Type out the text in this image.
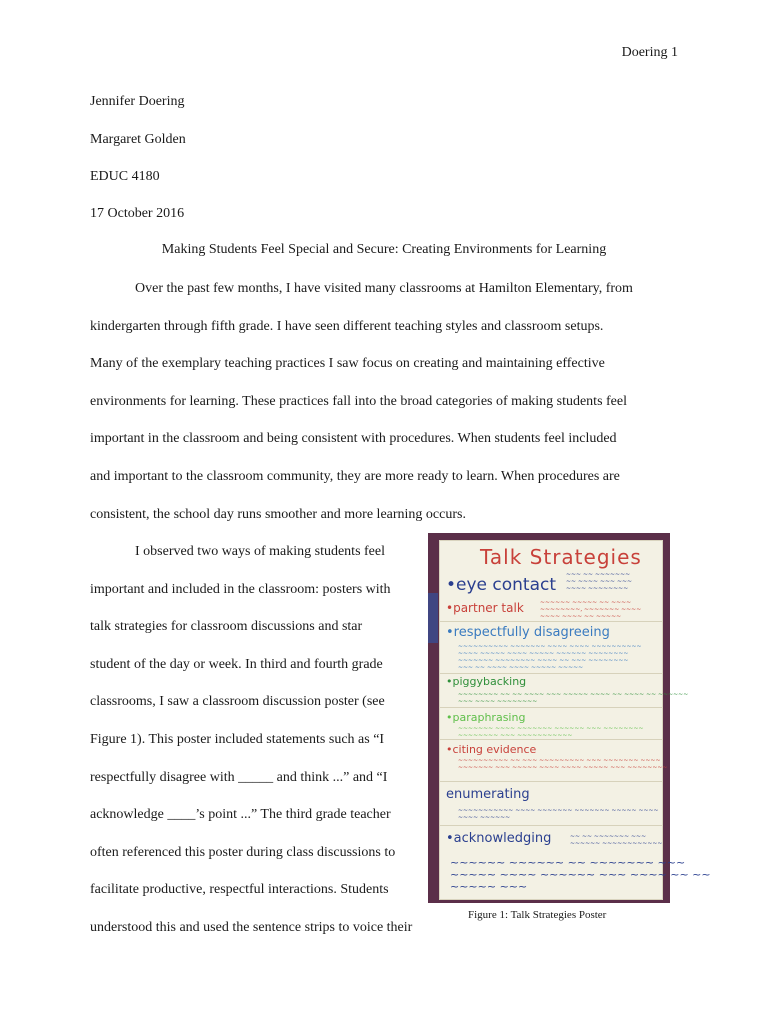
Doering 1
Jennifer Doering
Margaret Golden
EDUC 4180
17 October 2016
Making Students Feel Special and Secure: Creating Environments for Learning
Over the past few months, I have visited many classrooms at Hamilton Elementary, from
kindergarten through fifth grade. I have seen different teaching styles and classroom setups.
Many of the exemplary teaching practices I saw focus on creating and maintaining effective
environments for learning. These practices fall into the broad categories of making students feel
important in the classroom and being consistent with procedures. When students feel included
and important to the classroom community, they are more ready to learn. When procedures are
consistent, the school day runs smoother and more learning occurs.
I observed two ways of making students feel
important and included in the classroom: posters with
talk strategies for classroom discussions and star
student of the day or week. In third and fourth grade
classrooms, I saw a classroom discussion poster (see
Figure 1). This poster included statements such as “I
respectfully disagree with _____ and think ...” and “I
acknowledge ____’s point ...” The third grade teacher
often referenced this poster during class discussions to
facilitate productive, respectful interactions. Students
understood this and used the sentence strips to voice their
Talk Strategies
•eye contact
~~~ ~~ ~~~~~~~
~~ ~~~~ ~~~ ~~~
~~~~ ~~~~~~~~
•partner talk	~~~~~~ ~~~~~ ~~ ~~~~
~~~~~~~~, ~~~~~~~ ~~~~
~~~~ ~~~~ ~~ ~~~~~
•respectfully disagreeing
~~~~~~~~~~ ~~~~~~~ ~~~~ ~~~~ ~~~~~~~~~~
~~~~ ~~~~~ ~~~~ ~~~~~ ~~~~~~ ~~~~~~~~
~~~~~~~ ~~~~~~~~ ~~~~ ~~ ~~~ ~~~~~~~~
~~~ ~~ ~~~~ ~~~~ ~~~~~ ~~~~~
•piggybacking
~~~~~~~~ ~~ ~~ ~~~~ ~~~ ~~~~~ ~~~~ ~~ ~~~~ ~~ ~~~~~~
~~~ ~~~~ ~~~~~~~~
•paraphrasing
~~~~~~~ ~~~~ ~~~~~~~ ~~~~~~ ~~~ ~~~~~~~~
~~~~~~~~ ~~~ ~~~~~~~~~~~
•citing evidence
~~~~~~~~~~ ~~ ~~~ ~~~~~~~~~ ~~~ ~~~~~~~ ~~~~
~~~~~~~ ~~~ ~~~~~ ~~~~ ~~~~ ~~~~~ ~~~ ~~~~~~~~
enumerating
~~~~~~~~~~~ ~~~~ ~~~~~~~ ~~~~~~~ ~~~~~ ~~~~
~~~~ ~~~~~~
•acknowledging	~~ ~~ ~~~~~~~ ~~~
~~~~~~ ~~~~~~~~~~~~
~~~~~~ ~~~~~~ ~~ ~~~~~~~ ~~~
~~~~~ ~~~~ ~~~~~~ ~~~ ~~~~ ~~ ~~
~~~~~ ~~~
Figure 1: Talk Strategies Poster
